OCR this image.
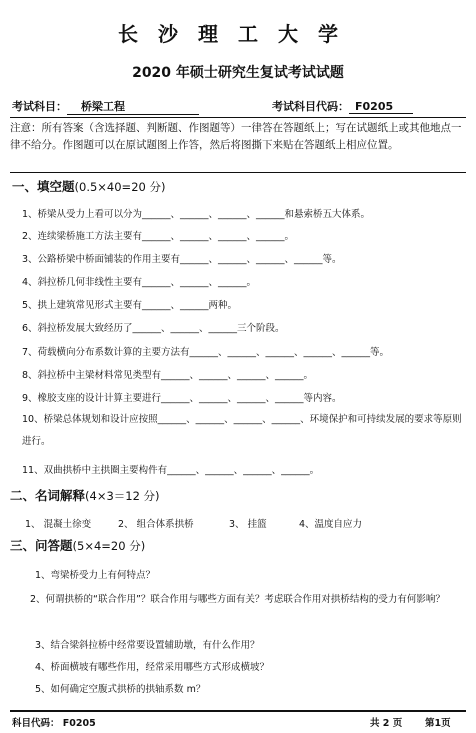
长沙理工大学
2020 年硕士研究生复试考试试题
考试科目： 桥梁工程	考试科目代码： F0205
注意：所有答案（含选择题、判断题、作图题等）一律答在答题纸上；写在试题纸上或其他地点一律不给分。作图题可以在原试题图上作答，然后将图撕下来贴在答题纸上相应位置。
一、填空题(0.5×40=20 分)
1、桥梁从受力上看可以分为______、______、______、______和悬索桥五大体系。
2、连续梁桥施工方法主要有______、______、______、______。
3、公路桥梁中桥面铺装的作用主要有______、______、______、______等。
4、斜拉桥几何非线性主要有______、______、______。
5、拱上建筑常见形式主要有______、______两种。
6、斜拉桥发展大致经历了______、______、______三个阶段。
7、荷载横向分布系数计算的主要方法有______、______、______、______、______等。
8、斜拉桥中主梁材料常见类型有______、______、______、______。
9、橡胶支座的设计计算主要进行______、______、______、______等内容。
10、桥梁总体规划和设计应按照______、______、______、______、环境保护和可持续发展的要求等原则进行。
11、双曲拱桥中主拱圈主要构件有______、______、______、______。
二、名词解释(4×3＝12 分)
1、 混凝土徐变	2、 组合体系拱桥	3、 挂篮	4、温度自应力
三、问答题(5×4=20 分)
1、弯梁桥受力上有何特点？
2、何谓拱桥的“联合作用”？联合作用与哪些方面有关？考虑联合作用对拱桥结构的受力有何影响？
3、结合梁斜拉桥中经常要设置辅助墩，有什么作用？
4、桥面横坡有哪些作用，经常采用哪些方式形成横坡？
5、如何确定空腹式拱桥的拱轴系数 m？
科目代码： F0205	共 2 页 第1页
